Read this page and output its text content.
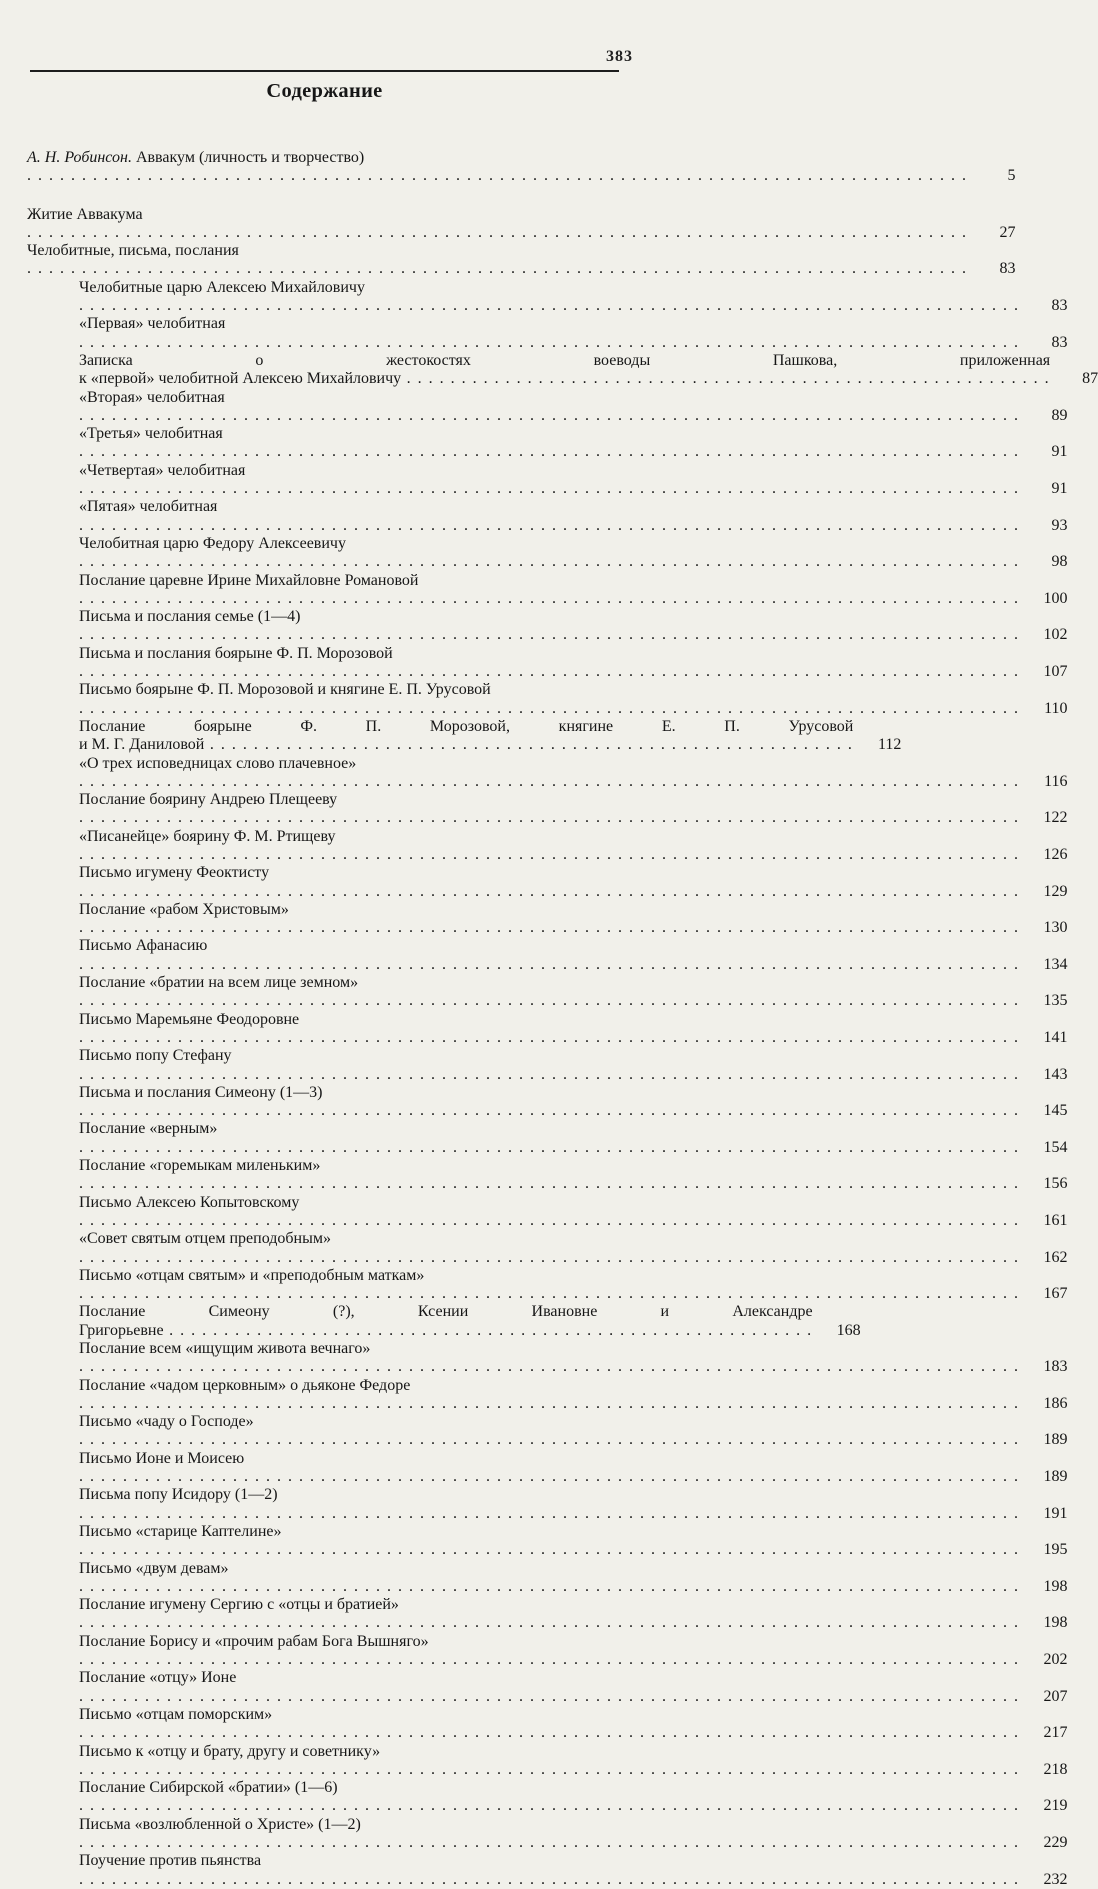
383
Содержание
А. Н. Робинсон. Аввакум (личность и творчество) . . .
5
Житие Аввакума . . .
27
Челобитные, письма, послания . . .
83
Челобитные царю Алексею Михайловичу . . .
83
«Первая» челобитная . . .
83
Записка о жестокостях воеводы Пашкова, приложенная
к «первой» челобитной Алексею Михайловичу . . .	87
«Вторая» челобитная . . .
89
«Третья» челобитная . . .
91
«Четвертая» челобитная . . .
91
«Пятая» челобитная . . .
93
Челобитная царю Федору Алексеевичу . . .
98
Послание царевне Ирине Михайловне Романовой . . .
100
Письма и послания семье (1—4) . . .
102
Письма и послания боярыне Ф. П. Морозовой . . .
107
Письмо боярыне Ф. П. Морозовой и княгине Е. П. Урусовой . . .
110
Послание боярыне Ф. П. Морозовой, княгине Е. П. Урусовой
и М. Г. Даниловой . . .	112
«О трех исповедницах слово плачевное» . . .
116
Послание боярину Андрею Плещееву . . .
122
«Писанейце» боярину Ф. М. Ртищеву . . .
126
Письмо игумену Феоктисту . . .
129
Послание «рабом Христовым» . . .
130
Письмо Афанасию . . .
134
Послание «братии на всем лице земном» . . .
135
Письмо Маремьяне Феодоровне . . .
141
Письмо попу Стефану . . .
143
Письма и послания Симеону (1—3) . . .
145
Послание «верным» . . .
154
Послание «горемыкам миленьким» . . .
156
Письмо Алексею Копытовскому . . .
161
«Совет святым отцем преподобным» . . .
162
Письмо «отцам святым» и «преподобным маткам» . . .
167
Послание Симеону (?), Ксении Ивановне и Александре
Григорьевне . . .	168
Послание всем «ищущим живота вечнаго» . . .
183
Послание «чадом церковным» о дьяконе Федоре . . .
186
Письмо «чаду о Господе» . . .
189
Письмо Ионе и Моисею . . .
189
Письма попу Исидору (1—2) . . .
191
Письмо «старице Каптелине» . . .
195
Письмо «двум девам» . . .
198
Послание игумену Сергию с «отцы и братией» . . .
198
Послание Борису и «прочим рабам Бога Вышняго» . . .
202
Послание «отцу» Ионе . . .
207
Письмо «отцам поморским» . . .
217
Письмо к «отцу и брату, другу и советнику» . . .
218
Послание Сибирской «братии» (1—6) . . .
219
Письма «возлюбленной о Христе» (1—2) . . .
229
Поучение против пьянства . . .
232
